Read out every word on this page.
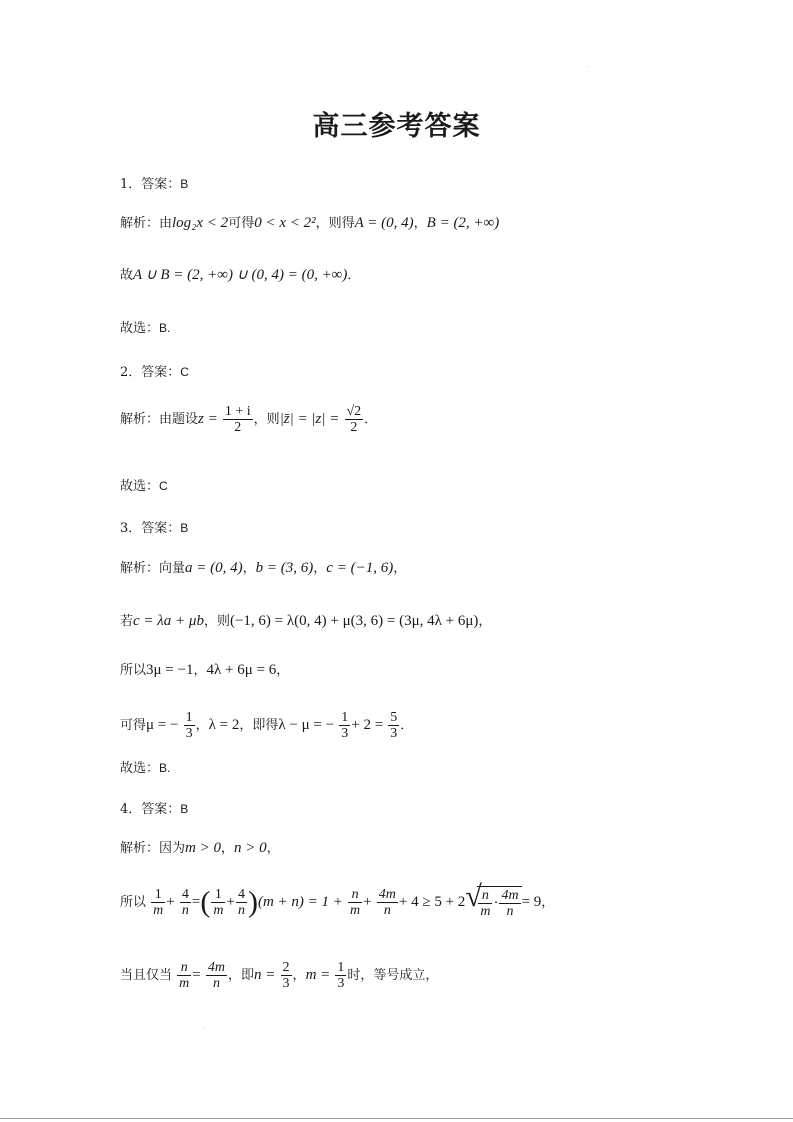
·
高三参考答案
1．答案：B
解析：由log₂x < 2可得0 < x < 2²，则得A = (0, 4)，B = (2, +∞)
故A ∪ B = (2, +∞) ∪ (0, 4) = (0, +∞)．
故选：B.
2．答案：C
解析：由题设$z = \frac{1 + i}{2}$ ，则|z̄| = $|z| = \frac{√2}{2}$ ．
故选：C
3．答案：B
解析：向量a = (0, 4)，b = (3, 6)，c = (−1, 6)，
若c = λa + μb，则(−1, 6) = λ(0, 4) + μ(3, 6) = (3μ, 4λ + 6μ)，
所以3μ = −1，4λ + 6μ = 6，
可得μ = − $\frac{1}{3}$ ，λ = 2，即得λ − μ = − $\frac{1}{3} + 2 = \frac{5}{3}$ ．
故选：B.
4．答案：B
解析：因为m > 0，n > 0，
所以 $\frac{1}{m} + \frac{4}{n}$ =( $\frac{1}{m} + \frac{4}{n} )(m + n) = 1 + \frac{n}{m} + \frac{4m}{n} + 4 \ge 5 + 2$ √
$\frac{n}{m} \cdot \frac{4m}{n} = 9$，
当且仅当 $\frac{n}{m} = \frac{4m}{n}$ ，即$n = \frac{2}{3}$ ，$m = \frac{1}{3}$ 时，等号成立，
·
